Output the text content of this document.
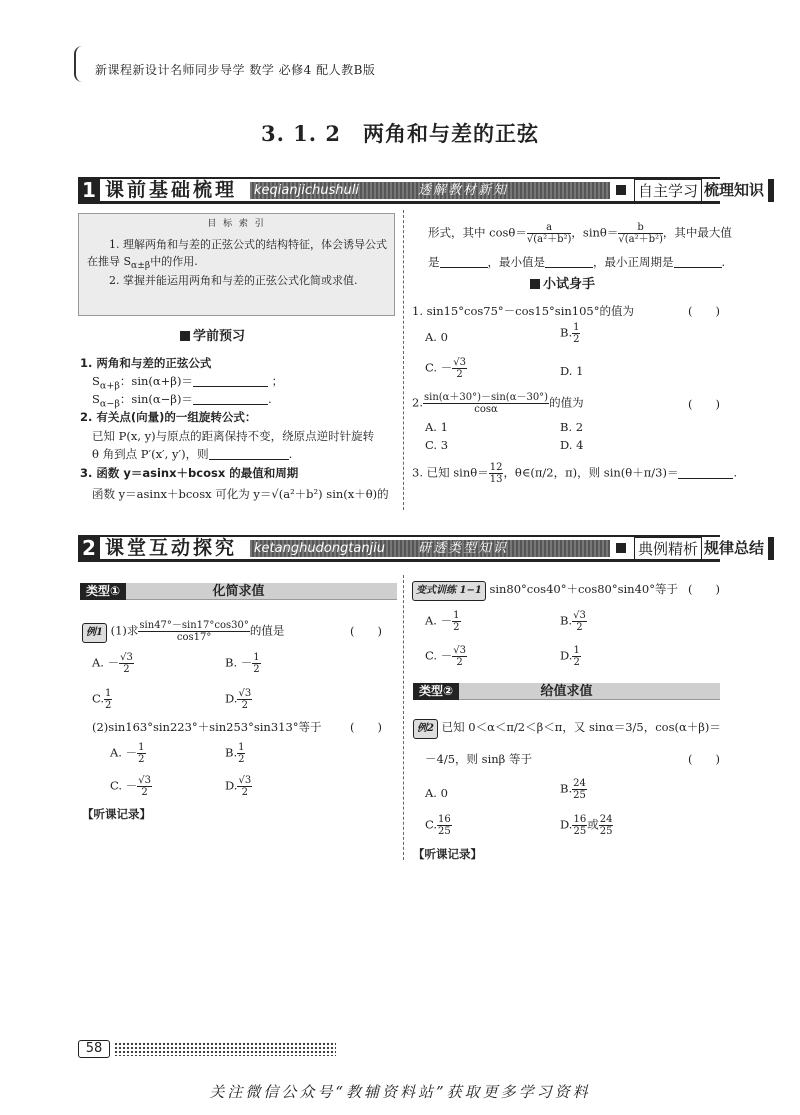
新课程新设计名师同步导学 数学 必修4 配人教B版
3. 1. 2　两角和与差的正弦
1 课前基础梳理	keqianjichushuli	透解教材新知	自主学习 梳理知识
目 标 索 引

1. 理解两角和与差的正弦公式的结构特征，体会诱导公式在推导 $S_{\alpha\pm\beta}$中的作用.

2. 掌握并能运用两角和与差的正弦公式化简或求值.

学前预习
1. 两角和与差的正弦公式
$S_{\alpha+\beta}$：sin(α+β)＝	；
$S_{\alpha-\beta}$：sin(α−β)＝	.
2. 有关点(向量)的一组旋转公式：
已知 P(x, y)与原点的距离保持不变，绕原点逆时针旋转
θ 角到点 P′(x′, y′)，则	.
3. 函数 y＝asinx＋bcosx 的最值和周期
函数 y＝asinx＋bcosx 可化为 y＝√(a²＋b²) sin(x＋θ)的
形式，其中 $\cos\theta= \frac{a}{\text{√(a²＋b²)}}$ ，$\sin\theta= \frac{b}{\text{√(a²＋b²)}}$ ，其中最大值
是	，最小值是	，最小正周期是	.
小试身手
1. sin15°cos75°－cos15°sin105°的值为	(　　)
A. 0	B. $\frac{1}{2}$
C. － $\frac{√3}{2}$	D. 1
2. $\frac{\sin(\alpha+30^\circ)-\sin(\alpha-30^\circ)}{\cos\alpha}$ 的值为	(　　)
A. 1	B. 2
C. 3	D. 4
3. 已知 $\sin\theta= \frac{12}{13}$ ，θ∈(π/2，π)，则 sin(θ＋π/3)＝	.
2 课堂互动探究	ketanghudongtanjiu	研透类型知识	典例精析 规律总结
类型①	化简求值
例1 (1)求 $\frac{\sin 47^\circ-\sin 17^\circ\cos 30^\circ}{\cos 17^\circ}$ 的值是	(　　)
A. － $\frac{√3}{2}$	B. － $\frac{1}{2}$
C. $\frac{1}{2}$	D. $\frac{√3}{2}$
(2)sin163°sin223°＋sin253°sin313°等于 (　　)
A. － $\frac{1}{2}$	B. $\frac{1}{2}$
C. － $\frac{√3}{2}$	D. $\frac{√3}{2}$
【听课记录】
变式训练 1−1 sin80°cos40°＋cos80°sin40°等于 (　　)
A. － $\frac{1}{2}$	B. $\frac{√3}{2}$
C. － $\frac{√3}{2}$	D. $\frac{1}{2}$
类型②	给值求值
例2 已知 0＜α＜π/2＜β＜π，又 sinα＝3/5，cos(α＋β)＝
－4/5，则 sinβ 等于	(　　)
A. 0	B. $\frac{24}{25}$
C. $\frac{16}{25}$	D. $\frac{16}{25}$ 或 $\frac{24}{25}$
【听课记录】
58
关注微信公众号“教辅资料站”获取更多学习资料
